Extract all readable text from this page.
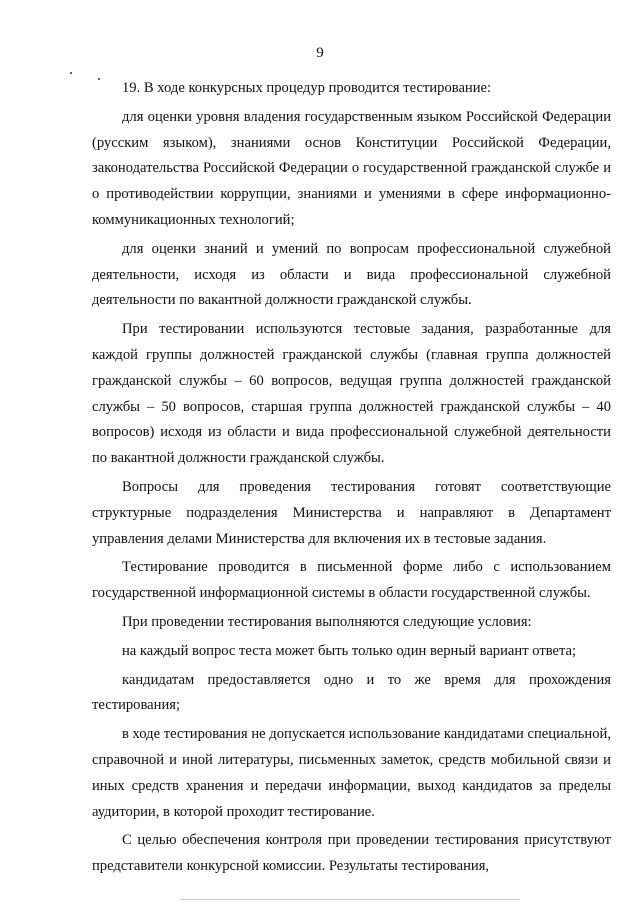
9

19. В ходе конкурсных процедур проводится тестирование:

для оценки уровня владения государственным языком Российской Федерации (русским языком), знаниями основ Конституции Российской Федерации, законодательства Российской Федерации о государственной гражданской службе и о противодействии коррупции, знаниями и умениями в сфере информационно-коммуникационных технологий;

для оценки знаний и умений по вопросам профессиональной служебной деятельности, исходя из области и вида профессиональной служебной деятельности по вакантной должности гражданской службы.

При тестировании используются тестовые задания, разработанные для каждой группы должностей гражданской службы (главная группа должностей гражданской службы – 60 вопросов, ведущая группа должностей гражданской службы – 50 вопросов, старшая группа должностей гражданской службы – 40 вопросов) исходя из области и вида профессиональной служебной деятельности по вакантной должности гражданской службы.

Вопросы для проведения тестирования готовят соответствующие структурные подразделения Министерства и направляют в Департамент управления делами Министерства для включения их в тестовые задания.

Тестирование проводится в письменной форме либо с использованием государственной информационной системы в области государственной службы.

При проведении тестирования выполняются следующие условия:

на каждый вопрос теста может быть только один верный вариант ответа;

кандидатам предоставляется одно и то же время для прохождения тестирования;

в ходе тестирования не допускается использование кандидатами специальной, справочной и иной литературы, письменных заметок, средств мобильной связи и иных средств хранения и передачи информации, выход кандидатов за пределы аудитории, в которой проходит тестирование.

С целью обеспечения контроля при проведении тестирования присутствуют представители конкурсной комиссии. Результаты тестирования,
